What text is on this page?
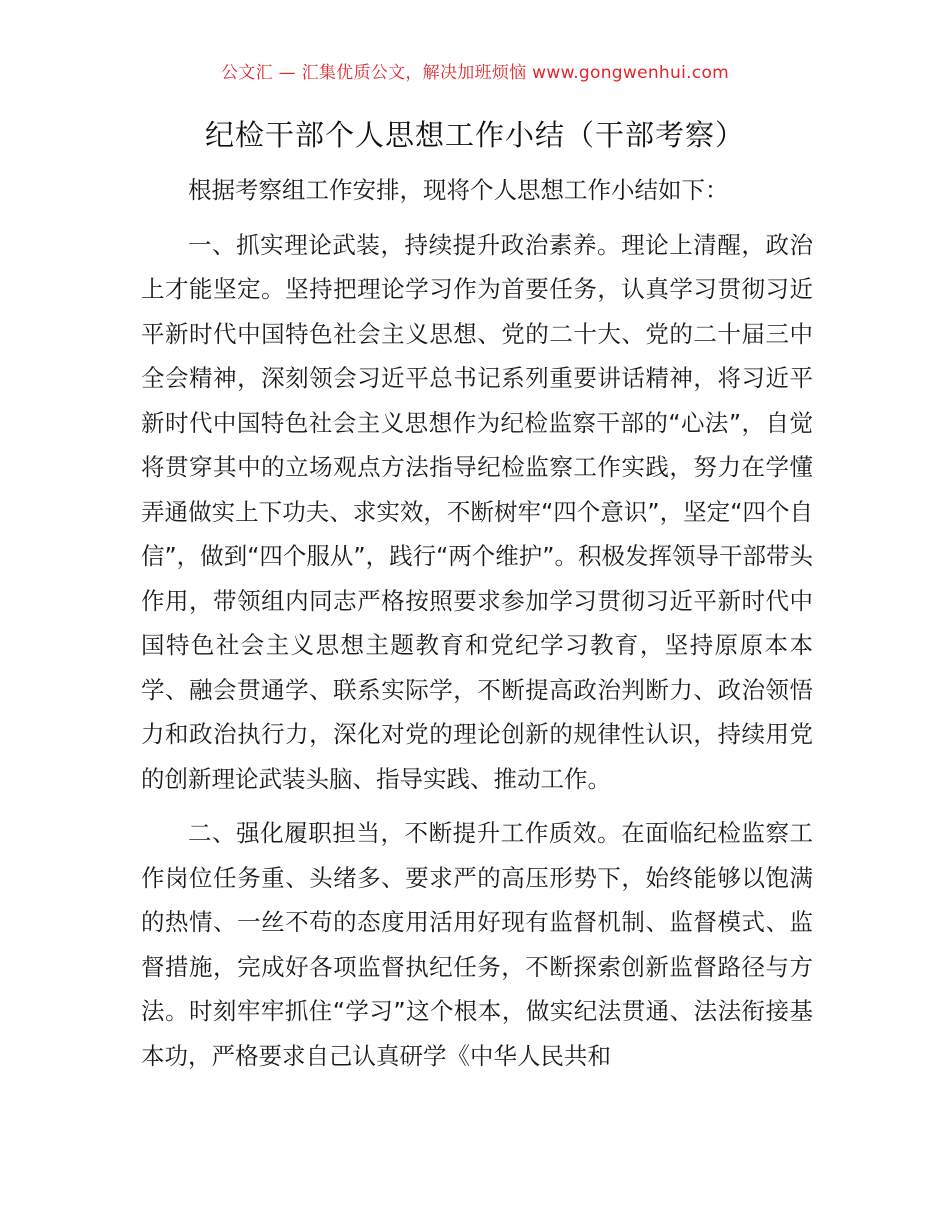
公文汇 — 汇集优质公文，解决加班烦恼 www.gongwenhui.com
纪检干部个人思想工作小结（干部考察）

根据考察组工作安排，现将个人思想工作小结如下：

一、抓实理论武装，持续提升政治素养。理论上清醒，政治上才能坚定。坚持把理论学习作为首要任务，认真学习贯彻习近平新时代中国特色社会主义思想、党的二十大、党的二十届三中全会精神，深刻领会习近平总书记系列重要讲话精神，将习近平新时代中国特色社会主义思想作为纪检监察干部的“心法”，自觉将贯穿其中的立场观点方法指导纪检监察工作实践，努力在学懂弄通做实上下功夫、求实效，不断树牢“四个意识”，坚定“四个自信”，做到“四个服从”，践行“两个维护”。积极发挥领导干部带头作用，带领组内同志严格按照要求参加学习贯彻习近平新时代中国特色社会主义思想主题教育和党纪学习教育，坚持原原本本学、融会贯通学、联系实际学，不断提高政治判断力、政治领悟力和政治执行力，深化对党的理论创新的规律性认识，持续用党的创新理论武装头脑、指导实践、推动工作。

二、强化履职担当，不断提升工作质效。在面临纪检监察工作岗位任务重、头绪多、要求严的高压形势下，始终能够以饱满的热情、一丝不苟的态度用活用好现有监督机制、监督模式、监督措施，完成好各项监督执纪任务，不断探索创新监督路径与方法。时刻牢牢抓住“学习”这个根本，做实纪法贯通、法法衔接基本功，严格要求自己认真研学《中华人民共和
